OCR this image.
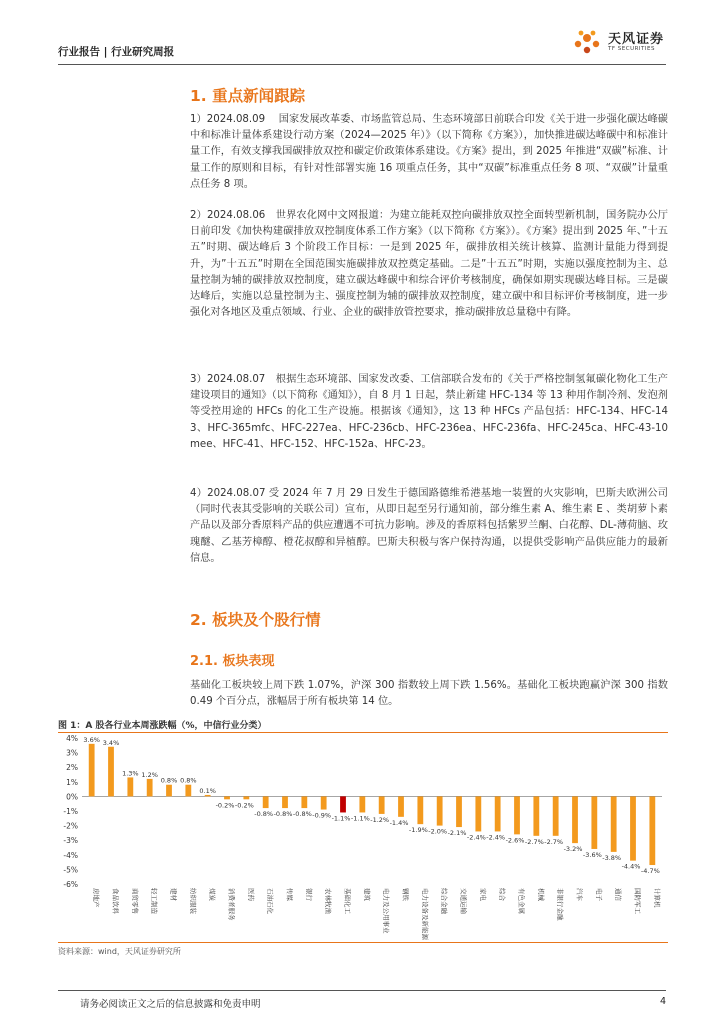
行业报告 | 行业研究周报
天风证券
TF SECURITIES
1. 重点新闻跟踪
1）2024.08.09　 国家发展改革委、市场监管总局、生态环境部日前联合印发《关于进一步强化碳达峰碳中和标准计量体系建设行动方案（2024—2025 年）》（以下简称《方案》），加快推进碳达峰碳中和标准计量工作，有效支撑我国碳排放双控和碳定价政策体系建设。《方案》提出，到 2025 年推进“双碳”标准、计量工作的原则和目标，有针对性部署实施 16 项重点任务，其中“双碳”标准重点任务 8 项、“双碳”计量重点任务 8 项。
2）2024.08.06　世界农化网中文网报道：为建立能耗双控向碳排放双控全面转型新机制，国务院办公厅日前印发《加快构建碳排放双控制度体系工作方案》（以下简称《方案》）。《方案》提出到 2025 年、”十五五”时期、碳达峰后 3 个阶段工作目标：一是到 2025 年，碳排放相关统计核算、监测计量能力得到提升，为”十五五”时期在全国范围实施碳排放双控奠定基础。二是”十五五”时期，实施以强度控制为主、总量控制为辅的碳排放双控制度，建立碳达峰碳中和综合评价考核制度，确保如期实现碳达峰目标。三是碳达峰后，实施以总量控制为主、强度控制为辅的碳排放双控制度，建立碳中和目标评价考核制度，进一步强化对各地区及重点领域、行业、企业的碳排放管控要求，推动碳排放总量稳中有降。
3）2024.08.07　根据生态环境部、国家发改委、工信部联合发布的《关于严格控制氢氟碳化物化工生产建设项目的通知》（以下简称《通知》），自 8 月 1 日起，禁止新建 HFC-134 等 13 种用作制冷剂、发泡剂等受控用途的 HFCs 的化工生产设施。根据该《通知》，这 13 种 HFCs 产品包括：HFC-134、HFC-143、HFC-365mfc、HFC-227ea、HFC-236cb、HFC-236ea、HFC-236fa、HFC-245ca、HFC-43-10mee、HFC-41、HFC-152、HFC-152a、HFC-23。
4）2024.08.07 受 2024 年 7 月 29 日发生于德国路德维希港基地一装置的火灾影响，巴斯夫欧洲公司（同时代表其受影响的关联公司）宣布，从即日起至另行通知前，部分维生素 A、维生素 E 、类胡萝卜素产品以及部分香原料产品的供应遭遇不可抗力影响。涉及的香原料包括紫罗兰酮、白花醇、DL-薄荷脑、玫瑰醚、乙基芳樟醇、橙花叔醇和异植醇。巴斯夫积极与客户保持沟通，以提供受影响产品供应能力的最新信息。
2. 板块及个股行情
2.1. 板块表现
基础化工板块较上周下跌 1.07%，沪深 300 指数较上周下跌 1.56%。基础化工板块跑赢沪深 300 指数 0.49 个百分点，涨幅居于所有板块第 14 位。
图 1：A 股各行业本周涨跌幅（%，中信行业分类）
4%
3%
2%
1%
0%
-1%
-2%
-3%
-4%
-5%
-6%
3.6%
房地产
3.4%
食品饮料
1.3%
商贸零售
1.2%
轻工制造
0.8%
建材
0.8%
纺织服装
0.1%
煤炭
-0.2%
消费者服务
-0.2%
医药
-0.8%
石油石化
-0.8%
传媒
-0.8%
银行
-0.9%
农林牧渔
-1.1%
基础化工
-1.1%
建筑
-1.2%
电力及公用事业
-1.4%
钢铁
-1.9%
电力设备及新能源
-2.0%
综合金融
-2.1%
交通运输
-2.4%
家电
-2.4%
综合
-2.6%
有色金属
-2.7%
机械
-2.7%
非银行金融
-3.2%
汽车
-3.6%
电子
-3.8%
通信
-4.4%
国防军工
-4.7%
计算机
资料来源：wind，天风证券研究所
请务必阅读正文之后的信息披露和免责申明	4
